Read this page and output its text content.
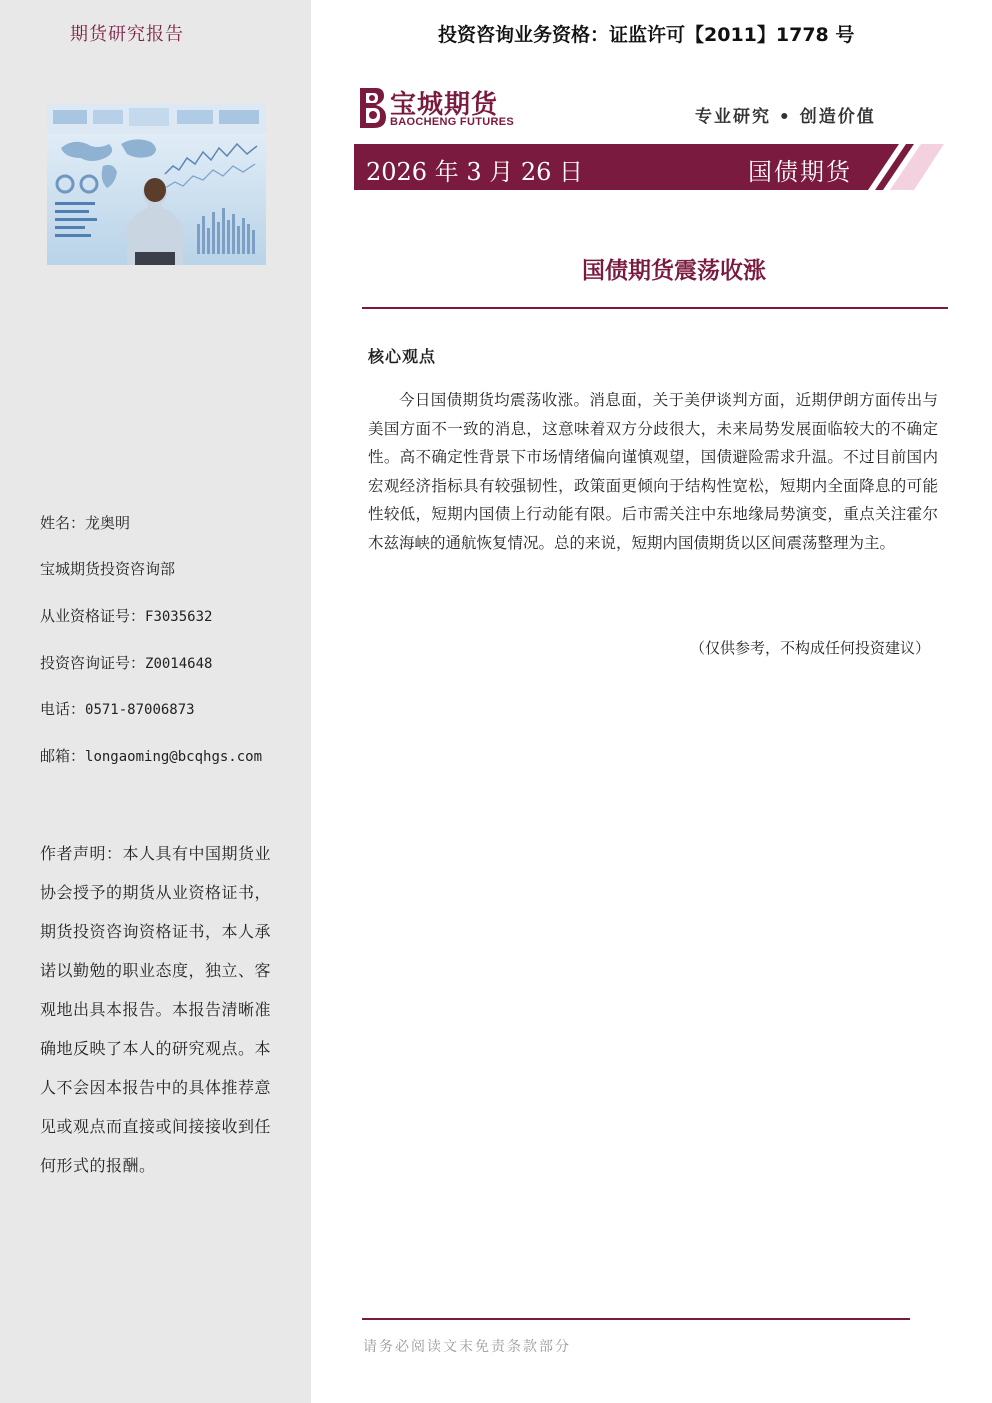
期货研究报告
姓名：龙奥明
宝城期货投资咨询部
从业资格证号：F3035632
投资咨询证号：Z0014648
电话：0571-87006873
邮箱：longaoming@bcqhgs.com
作者声明：本人具有中国期货业协会授予的期货从业资格证书，期货投资咨询资格证书，本人承诺以勤勉的职业态度，独立、客观地出具本报告。本报告清晰准确地反映了本人的研究观点。本人不会因本报告中的具体推荐意见或观点而直接或间接接收到任何形式的报酬。
投资咨询业务资格：证监许可【2011】1778 号
宝城期货
BAOCHENG FUTURES	专业研究 • 创造价值
2026 年 3 月 26 日	国债期货
国债期货震荡收涨
核心观点

今日国债期货均震荡收涨。消息面，关于美伊谈判方面，近期伊朗方面传出与美国方面不一致的消息，这意味着双方分歧很大，未来局势发展面临较大的不确定性。高不确定性背景下市场情绪偏向谨慎观望，国债避险需求升温。不过目前国内宏观经济指标具有较强韧性，政策面更倾向于结构性宽松，短期内全面降息的可能性较低，短期内国债上行动能有限。后市需关注中东地缘局势演变，重点关注霍尔木兹海峡的通航恢复情况。总的来说，短期内国债期货以区间震荡整理为主。

（仅供参考，不构成任何投资建议）
请务必阅读文末免责条款部分
